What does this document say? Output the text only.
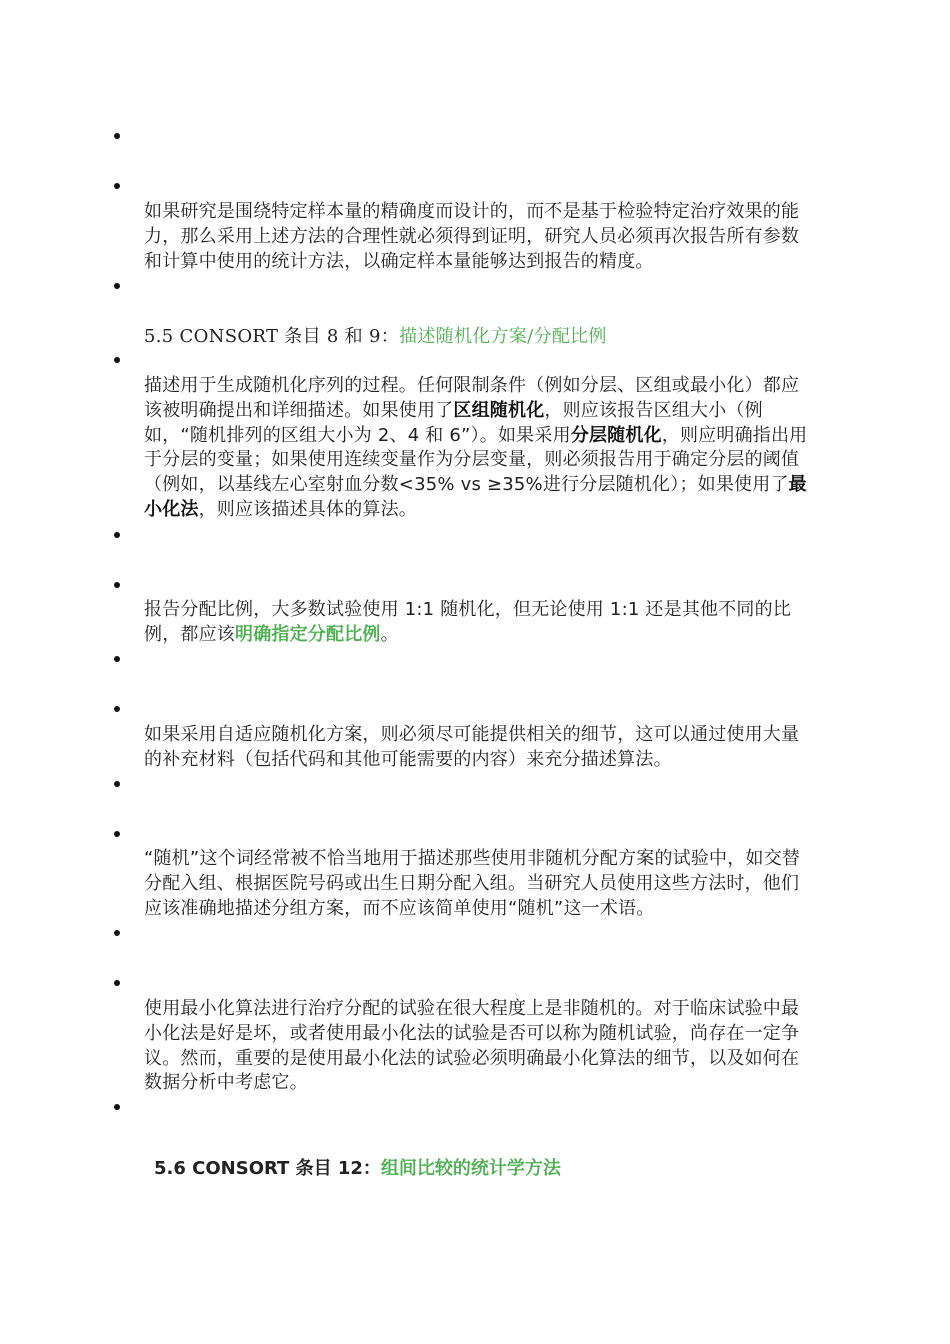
如果研究是围绕特定样本量的精确度而设计的，而不是基于检验特定治疗效果的能力，那么采用上述方法的合理性就必须得到证明，研究人员必须再次报告所有参数和计算中使用的统计方法，以确定样本量能够达到报告的精度。

5.5 CONSORT 条目 8 和 9：描述随机化方案/分配比例

描述用于生成随机化序列的过程。任何限制条件（例如分层、区组或最小化）都应该被明确提出和详细描述。如果使用了区组随机化，则应该报告区组大小（例如，“随机排列的区组大小为 2、4 和 6”）。如果采用分层随机化，则应明确指出用于分层的变量；如果使用连续变量作为分层变量，则必须报告用于确定分层的阈值（例如，以基线左心室射血分数<35% vs ≥35%进行分层随机化）；如果使用了最小化法，则应该描述具体的算法。

报告分配比例，大多数试验使用 1:1 随机化，但无论使用 1:1 还是其他不同的比例，都应该明确指定分配比例。

如果采用自适应随机化方案，则必须尽可能提供相关的细节，这可以通过使用大量的补充材料（包括代码和其他可能需要的内容）来充分描述算法。

“随机”这个词经常被不恰当地用于描述那些使用非随机分配方案的试验中，如交替分配入组、根据医院号码或出生日期分配入组。当研究人员使用这些方法时，他们应该准确地描述分组方案，而不应该简单使用“随机”这一术语。

使用最小化算法进行治疗分配的试验在很大程度上是非随机的。对于临床试验中最小化法是好是坏，或者使用最小化法的试验是否可以称为随机试验，尚存在一定争议。然而，重要的是使用最小化法的试验必须明确最小化算法的细节，以及如何在数据分析中考虑它。

5.6 CONSORT 条目 12：组间比较的统计学方法
